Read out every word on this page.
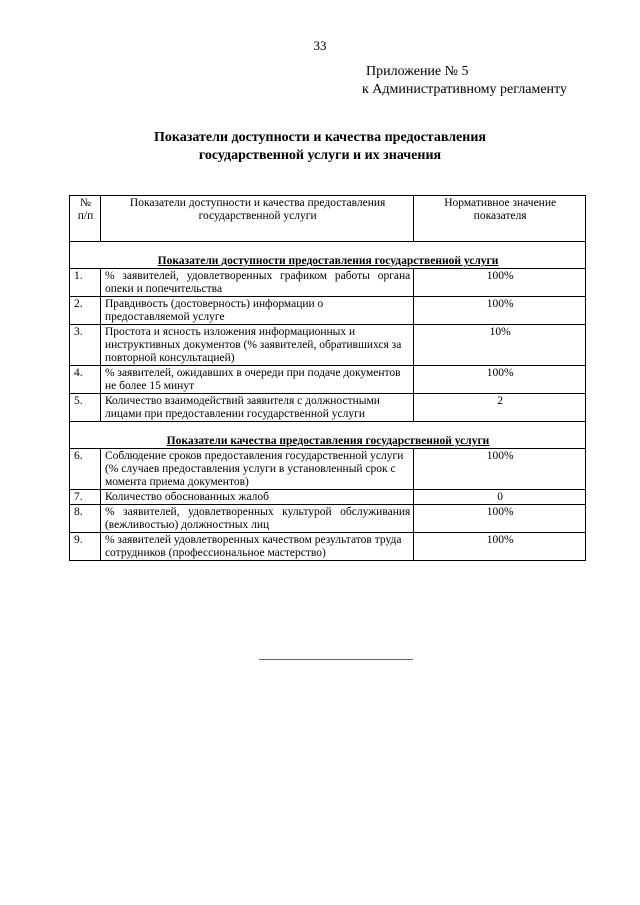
33
Приложение № 5
к Административному регламенту
Показатели доступности и качества предоставления
государственной услуги и их значения
№ п/п	Показатели доступности и качества предоставления государственной услуги	Нормативное значение показателя

Показатели доступности предоставления государственной услуги		
1.	% заявителей, удовлетворенных графиком работы органа опеки и попечительства	100%
2.	Правдивость (достоверность) информации о предоставляемой услуге	100%
3.	Простота и ясность изложения информационных и инструктивных документов (% заявителей, обратившихся за повторной консультацией)	10%
4.	% заявителей, ожидавших в очереди при подаче документов не более 15 минут	100%
5.	Количество взаимодействий заявителя с должностными лицами при предоставлении государственной услуги	2

Показатели качества предоставления государственной услуги		
6.	Соблюдение сроков предоставления государственной услуги (% случаев предоставления услуги в установленный срок с момента приема документов)	100%
7.	Количество обоснованных жалоб	0
8.	% заявителей, удовлетворенных культурой обслуживания (вежливостью) должностных лиц	100%
9.	% заявителей удовлетворенных качеством результатов труда сотрудников (профессиональное мастерство)	100%
